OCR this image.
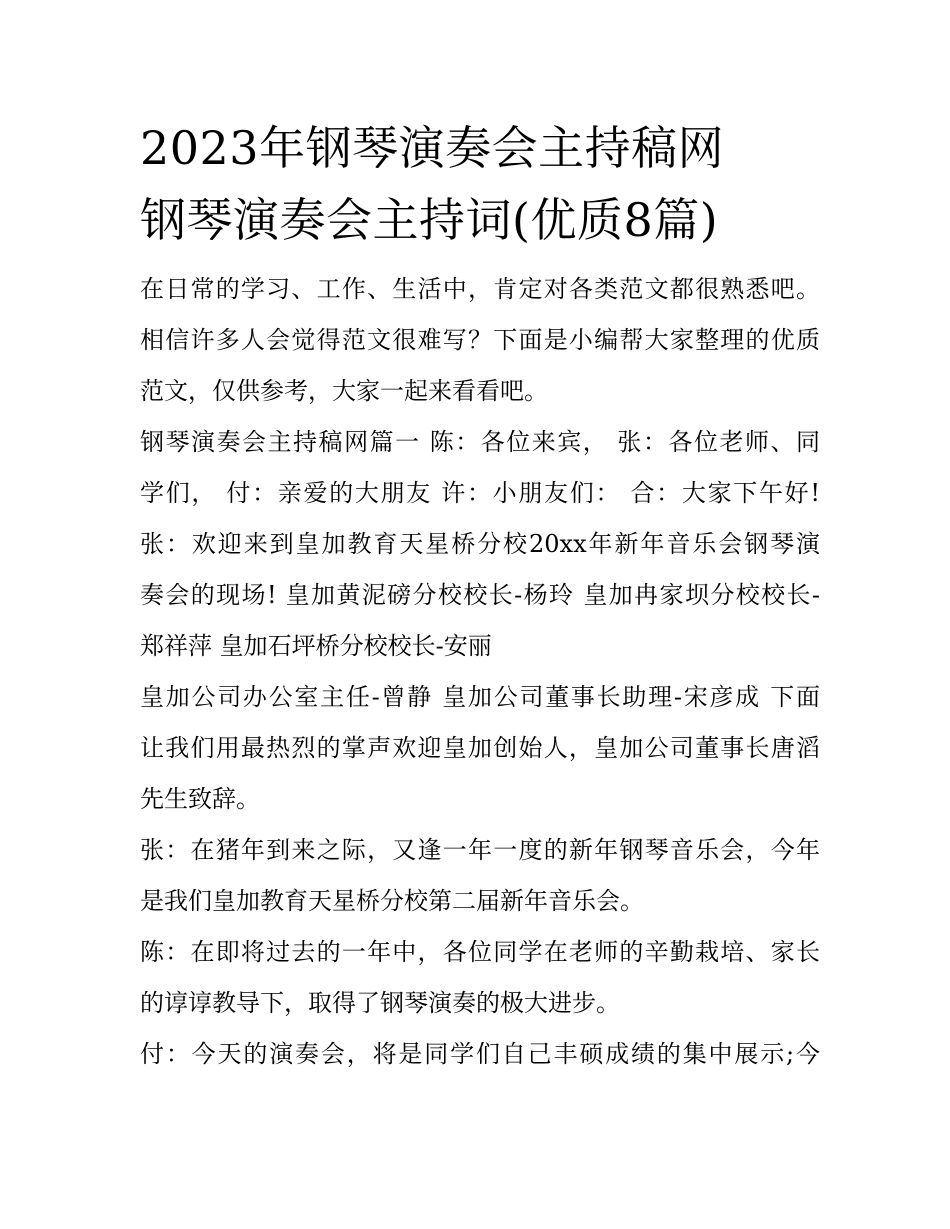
2023年钢琴演奏会主持稿网
钢琴演奏会主持词(优质8篇)

在日常的学习、工作、生活中，肯定对各类范文都很熟悉吧。
相信许多人会觉得范文很难写？下面是小编帮大家整理的优质
范文，仅供参考，大家一起来看看吧。

钢琴演奏会主持稿网篇一 陈：各位来宾， 张：各位老师、同
学们， 付：亲爱的大朋友 许：小朋友们： 合：大家下午好!
张：欢迎来到皇加教育天星桥分校20xx年新年音乐会钢琴演
奏会的现场! 皇加黄泥磅分校校长-杨玲 皇加冉家坝分校校长-
郑祥萍 皇加石坪桥分校校长-安丽

皇加公司办公室主任-曾静 皇加公司董事长助理-宋彦成 下面
让我们用最热烈的掌声欢迎皇加创始人，皇加公司董事长唐滔
先生致辞。

张：在猪年到来之际，又逢一年一度的新年钢琴音乐会，今年
是我们皇加教育天星桥分校第二届新年音乐会。

陈：在即将过去的一年中，各位同学在老师的辛勤栽培、家长
的谆谆教导下，取得了钢琴演奏的极大进步。

付：今天的演奏会，将是同学们自己丰硕成绩的集中展示;今
